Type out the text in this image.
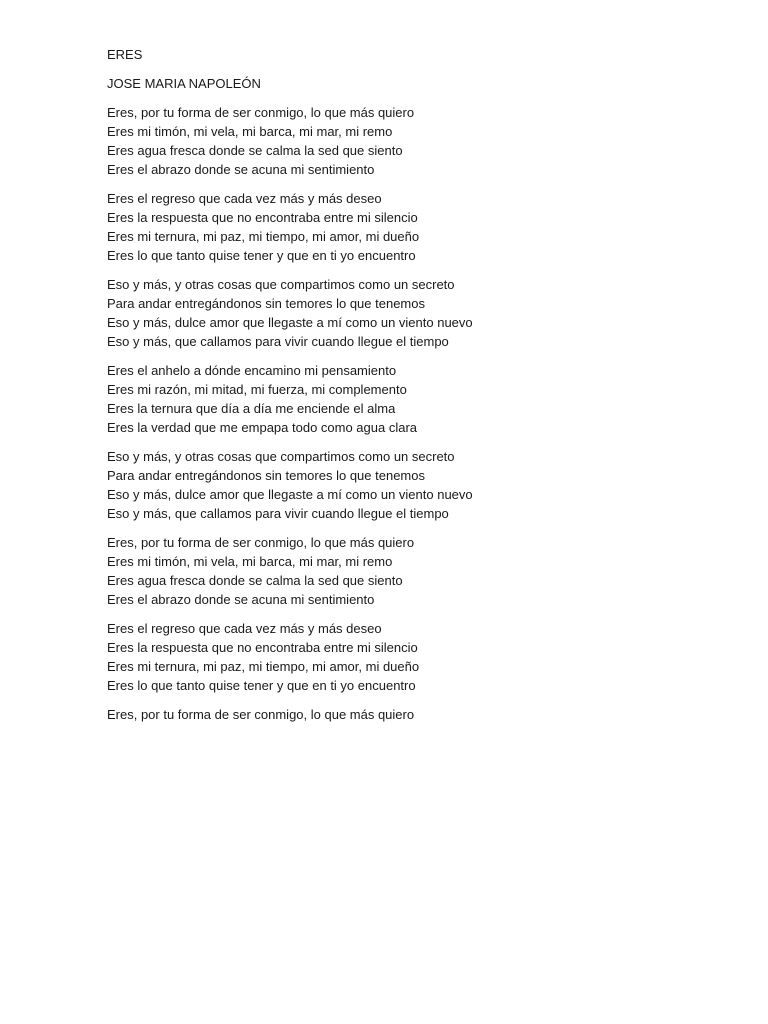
ERES
JOSE MARIA NAPOLEÓN
Eres, por tu forma de ser conmigo, lo que más quiero
Eres mi timón, mi vela, mi barca, mi mar, mi remo
Eres agua fresca donde se calma la sed que siento
Eres el abrazo donde se acuna mi sentimiento
Eres el regreso que cada vez más y más deseo
Eres la respuesta que no encontraba entre mi silencio
Eres mi ternura, mi paz, mi tiempo, mi amor, mi dueño
Eres lo que tanto quise tener y que en ti yo encuentro
Eso y más, y otras cosas que compartimos como un secreto
Para andar entregándonos sin temores lo que tenemos
Eso y más, dulce amor que llegaste a mí como un viento nuevo
Eso y más, que callamos para vivir cuando llegue el tiempo
Eres el anhelo a dónde encamino mi pensamiento
Eres mi razón, mi mitad, mi fuerza, mi complemento
Eres la ternura que día a día me enciende el alma
Eres la verdad que me empapa todo como agua clara
Eso y más, y otras cosas que compartimos como un secreto
Para andar entregándonos sin temores lo que tenemos
Eso y más, dulce amor que llegaste a mí como un viento nuevo
Eso y más, que callamos para vivir cuando llegue el tiempo
Eres, por tu forma de ser conmigo, lo que más quiero
Eres mi timón, mi vela, mi barca, mi mar, mi remo
Eres agua fresca donde se calma la sed que siento
Eres el abrazo donde se acuna mi sentimiento
Eres el regreso que cada vez más y más deseo
Eres la respuesta que no encontraba entre mi silencio
Eres mi ternura, mi paz, mi tiempo, mi amor, mi dueño
Eres lo que tanto quise tener y que en ti yo encuentro
Eres, por tu forma de ser conmigo, lo que más quiero
